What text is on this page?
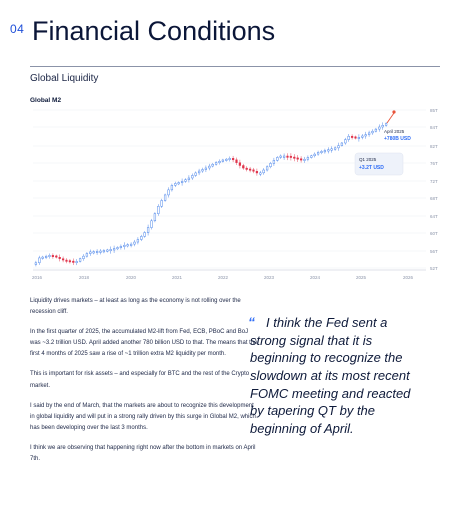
04 Financial Conditions
Global Liquidity
Global M2
85T
84T
82T
76T
72T
68T
64T
60T
56T
52T
2016	2018	2020	2021	2022	2023	2024	2025	2026
April 2025
+780B USD
Q1 2025
+3.2T USD

Liquidity drives markets – at least as long as the economy is not rolling over the recession cliff.

In the first quarter of 2025, the accumulated M2-lift from Fed, ECB, PBoC and BoJ was ~3.2 trillion USD. April added another 780 billion USD to that. The means that the first 4 months of 2025 saw a rise of ~1 trillion extra M2 liquidity per month.

This is important for risk assets – and especially for BTC and the rest of the Crypto market.

I said by the end of March, that the markets are about to recognize this development in global liquidity and will put in a strong rally driven by this surge in Global M2, which has been developing over the last 3 months.

I think we are observing that happening right now after the bottom in markets on April 7th.

“ I think the Fed sent a strong signal that it is beginning to recognize the slowdown at its most recent FOMC meeting and reacted by tapering QT by the beginning of April.
